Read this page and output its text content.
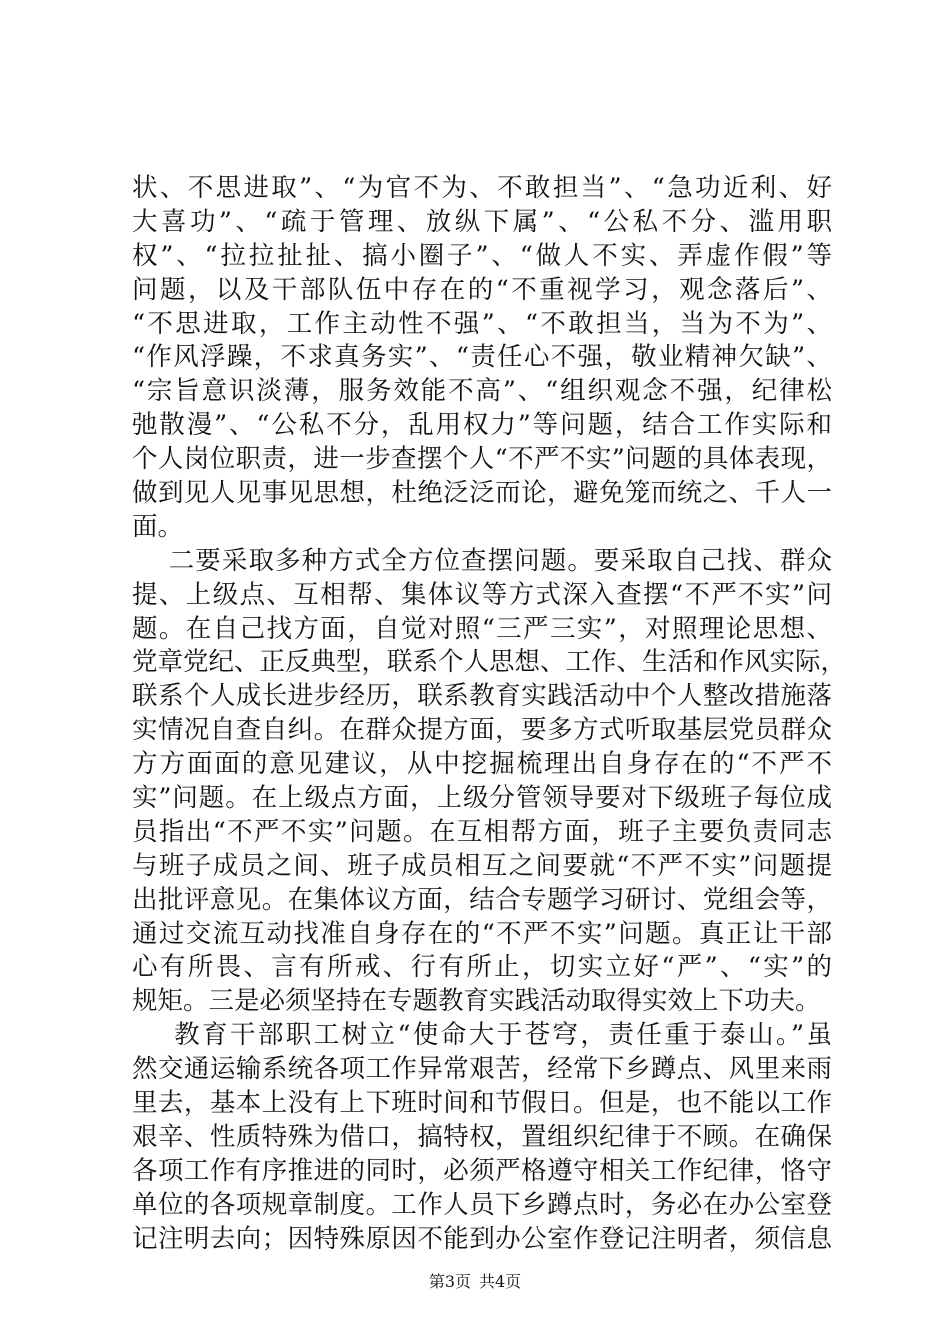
状、不思进取”、“为官不为、不敢担当”、“急功近利、好
大喜功”、“疏于管理、放纵下属”、“公私不分、滥用职
权”、“拉拉扯扯、搞小圈子”、“做人不实、弄虚作假”等
问题，以及干部队伍中存在的“不重视学习，观念落后”、
“不思进取，工作主动性不强”、“不敢担当，当为不为”、
“作风浮躁，不求真务实”、“责任心不强，敬业精神欠缺”、
“宗旨意识淡薄，服务效能不高”、“组织观念不强，纪律松
弛散漫”、“公私不分，乱用权力”等问题，结合工作实际和
个人岗位职责，进一步查摆个人“不严不实”问题的具体表现，
做到见人见事见思想，杜绝泛泛而论，避免笼而统之、千人一
面。
二要采取多种方式全方位查摆问题。要采取自己找、群众
提、上级点、互相帮、集体议等方式深入查摆“不严不实”问
题。在自己找方面，自觉对照“三严三实”，对照理论思想、
党章党纪、正反典型，联系个人思想、工作、生活和作风实际，
联系个人成长进步经历，联系教育实践活动中个人整改措施落
实情况自查自纠。在群众提方面，要多方式听取基层党员群众
方方面面的意见建议，从中挖掘梳理出自身存在的“不严不
实”问题。在上级点方面，上级分管领导要对下级班子每位成
员指出“不严不实”问题。在互相帮方面，班子主要负责同志
与班子成员之间、班子成员相互之间要就“不严不实”问题提
出批评意见。在集体议方面，结合专题学习研讨、党组会等，
通过交流互动找准自身存在的“不严不实”问题。真正让干部
心有所畏、言有所戒、行有所止，切实立好“严”、“实”的
规矩。三是必须坚持在专题教育实践活动取得实效上下功夫。
教育干部职工树立“使命大于苍穹，责任重于泰山。”虽
然交通运输系统各项工作异常艰苦，经常下乡蹲点、风里来雨
里去，基本上没有上下班时间和节假日。但是，也不能以工作
艰辛、性质特殊为借口，搞特权，置组织纪律于不顾。在确保
各项工作有序推进的同时，必须严格遵守相关工作纪律，恪守
单位的各项规章制度。工作人员下乡蹲点时，务必在办公室登
记注明去向；因特殊原因不能到办公室作登记注明者，须信息
第3页 共4页
